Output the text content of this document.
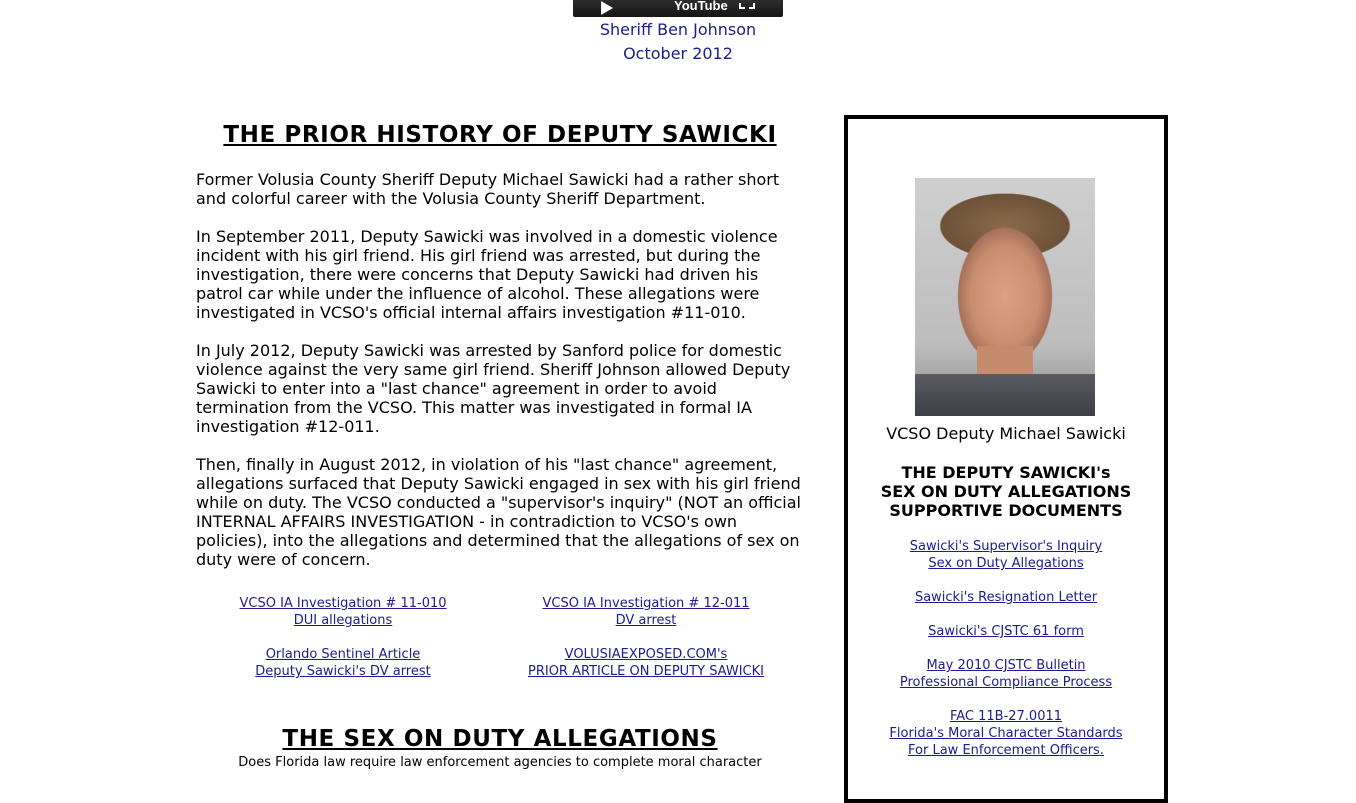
YouTube
Sheriff Ben Johnson
October 2012
THE PRIOR HISTORY OF DEPUTY SAWICKI

Former Volusia County Sheriff Deputy Michael Sawicki had a rather short and colorful career with the Volusia County Sheriff Department.

In September 2011, Deputy Sawicki was involved in a domestic violence incident with his girl friend. His girl friend was arrested, but during the investigation, there were concerns that Deputy Sawicki had driven his patrol car while under the influence of alcohol. These allegations were investigated in VCSO's official internal affairs investigation #11-010.

In July 2012, Deputy Sawicki was arrested by Sanford police for domestic violence against the very same girl friend. Sheriff Johnson allowed Deputy Sawicki to enter into a "last chance" agreement in order to avoid termination from the VCSO. This matter was investigated in formal IA investigation #12-011.

Then, finally in August 2012, in violation of his "last chance" agreement, allegations surfaced that Deputy Sawicki engaged in sex with his girl friend while on duty. The VCSO conducted a "supervisor's inquiry" (NOT an official INTERNAL AFFAIRS INVESTIGATION - in contradiction to VCSO's own policies), into the allegations and determined that the allegations of sex on duty were of concern.

VCSO IA Investigation # 11-010
DUI allegations
VCSO IA Investigation # 12-011
DV arrest
Orlando Sentinel Article
Deputy Sawicki's DV arrest
VOLUSIAEXPOSED.COM's
PRIOR ARTICLE ON DEPUTY SAWICKI
THE SEX ON DUTY ALLEGATIONS
Does Florida law require law enforcement agencies to complete moral character
VCSO Deputy Michael Sawicki
THE DEPUTY SAWICKI's
SEX ON DUTY ALLEGATIONS
SUPPORTIVE DOCUMENTS
Sawicki's Supervisor's Inquiry
Sex on Duty Allegations
Sawicki's Resignation Letter
Sawicki's CJSTC 61 form
May 2010 CJSTC Bulletin
Professional Compliance Process
FAC 11B-27.0011
Florida's Moral Character Standards
For Law Enforcement Officers.
